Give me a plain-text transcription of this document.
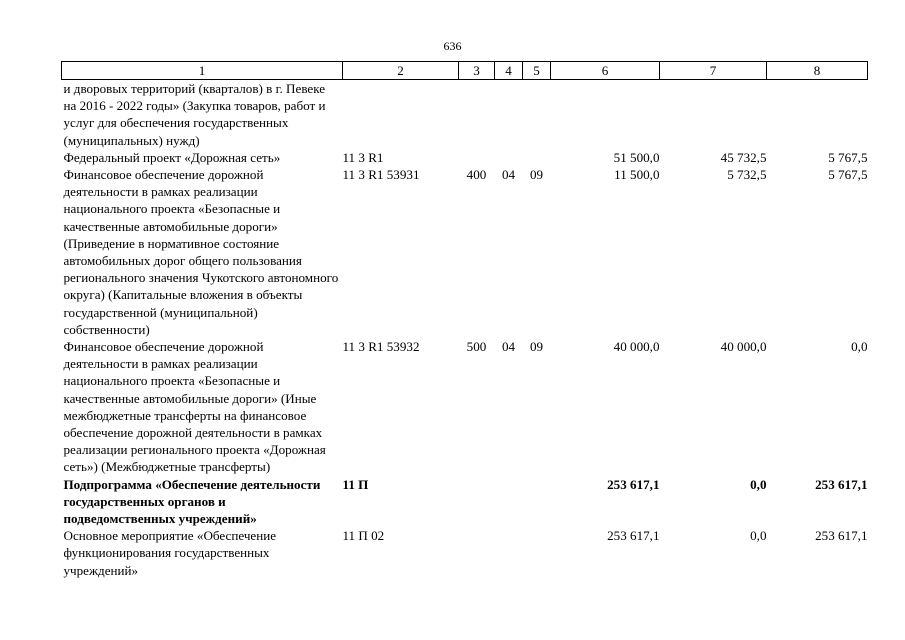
636
1	2	3	4	5	6	7	8
и дворовых территорий (кварталов) в г. Певеке на 2016 - 2022 годы» (Закупка товаров, работ и услуг для обеспечения государственных (муниципальных) нужд)							
Федеральный проект «Дорожная сеть»	11 3 R1				51 500,0	45 732,5	5 767,5
Финансовое обеспечение дорожной деятельности в рамках реализации национального проекта «Безопасные и качественные автомобильные дороги» (Приведение в нормативное состояние автомобильных дорог общего пользования регионального значения Чукотского автономного округа) (Капитальные вложения в объекты государственной (муниципальной) собственности)	11 3 R1 53931	400	04	09	11 500,0	5 732,5	5 767,5
Финансовое обеспечение дорожной деятельности в рамках реализации национального проекта «Безопасные и качественные автомобильные дороги» (Иные межбюджетные трансферты на финансовое обеспечение дорожной деятельности в рамках реализации регионального проекта «Дорожная сеть») (Межбюджетные трансферты)	11 3 R1 53932	500	04	09	40 000,0	40 000,0	0,0
Подпрограмма «Обеспечение деятельности государственных органов и подведомственных учреждений»	11 П				253 617,1	0,0	253 617,1
Основное мероприятие «Обеспечение функционирования государственных учреждений»	11 П 02				253 617,1	0,0	253 617,1
